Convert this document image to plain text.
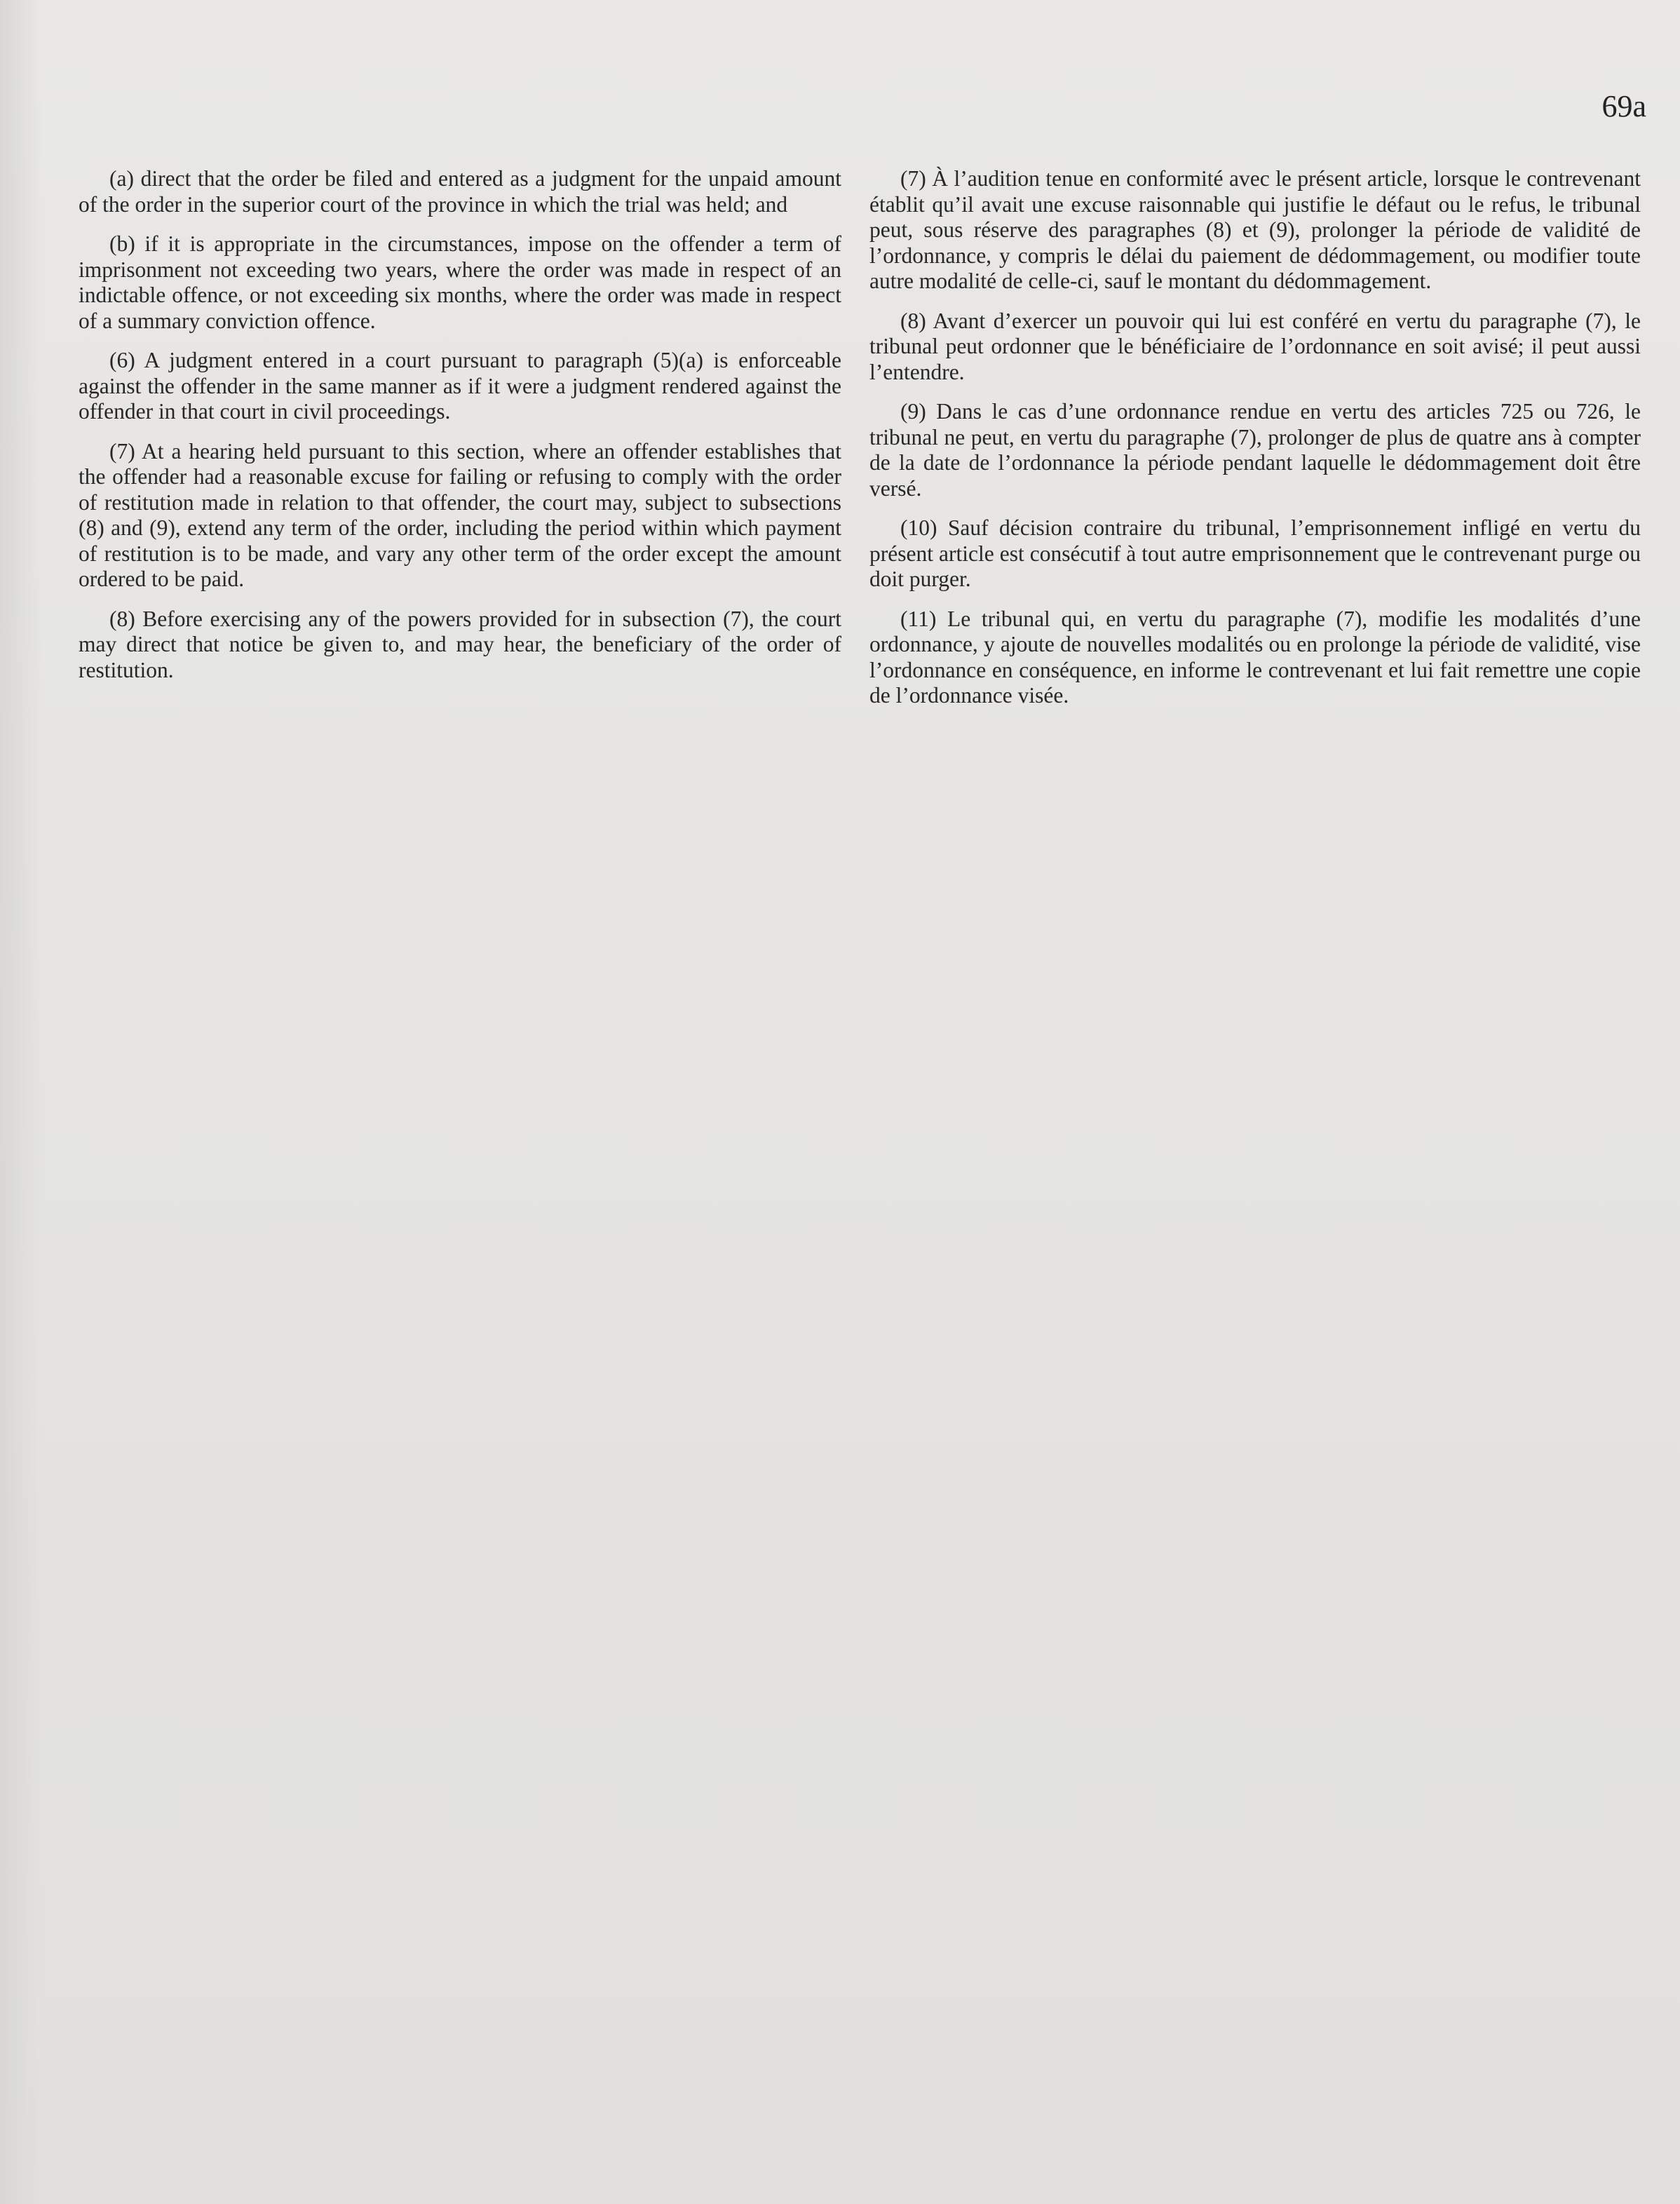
69a

(a) direct that the order be filed and entered as a judgment for the unpaid amount of the order in the superior court of the province in which the trial was held; and

(b) if it is appropriate in the circumstances, impose on the offender a term of imprisonment not exceeding two years, where the order was made in respect of an indictable offence, or not exceeding six months, where the order was made in respect of a summary conviction offence.

(6) A judgment entered in a court pursuant to paragraph (5)(a) is enforceable against the offender in the same manner as if it were a judgment rendered against the offender in that court in civil proceedings.

(7) At a hearing held pursuant to this section, where an offender establishes that the offender had a reasonable excuse for failing or refusing to comply with the order of restitution made in relation to that offender, the court may, subject to subsections (8) and (9), extend any term of the order, including the period within which payment of restitution is to be made, and vary any other term of the order except the amount ordered to be paid.

(8) Before exercising any of the powers provided for in subsection (7), the court may direct that notice be given to, and may hear, the beneficiary of the order of restitution.

(7) À l’audition tenue en conformité avec le présent article, lorsque le contrevenant établit qu’il avait une excuse raisonnable qui justifie le défaut ou le refus, le tribunal peut, sous réserve des paragraphes (8) et (9), prolonger la période de validité de l’ordonnance, y compris le délai du paiement de dédommagement, ou modifier toute autre modalité de celle-ci, sauf le montant du dédommagement.

(8) Avant d’exercer un pouvoir qui lui est conféré en vertu du paragraphe (7), le tribunal peut ordonner que le bénéficiaire de l’ordonnance en soit avisé; il peut aussi l’entendre.

(9) Dans le cas d’une ordonnance rendue en vertu des articles 725 ou 726, le tribunal ne peut, en vertu du paragraphe (7), prolonger de plus de quatre ans à compter de la date de l’ordonnance la période pendant laquelle le dédommagement doit être versé.

(10) Sauf décision contraire du tribunal, l’emprisonnement infligé en vertu du présent article est consécutif à tout autre emprisonnement que le contrevenant purge ou doit purger.

(11) Le tribunal qui, en vertu du paragraphe (7), modifie les modalités d’une ordonnance, y ajoute de nouvelles modalités ou en prolonge la période de validité, vise l’ordonnance en conséquence, en informe le contrevenant et lui fait remettre une copie de l’ordonnance visée.
